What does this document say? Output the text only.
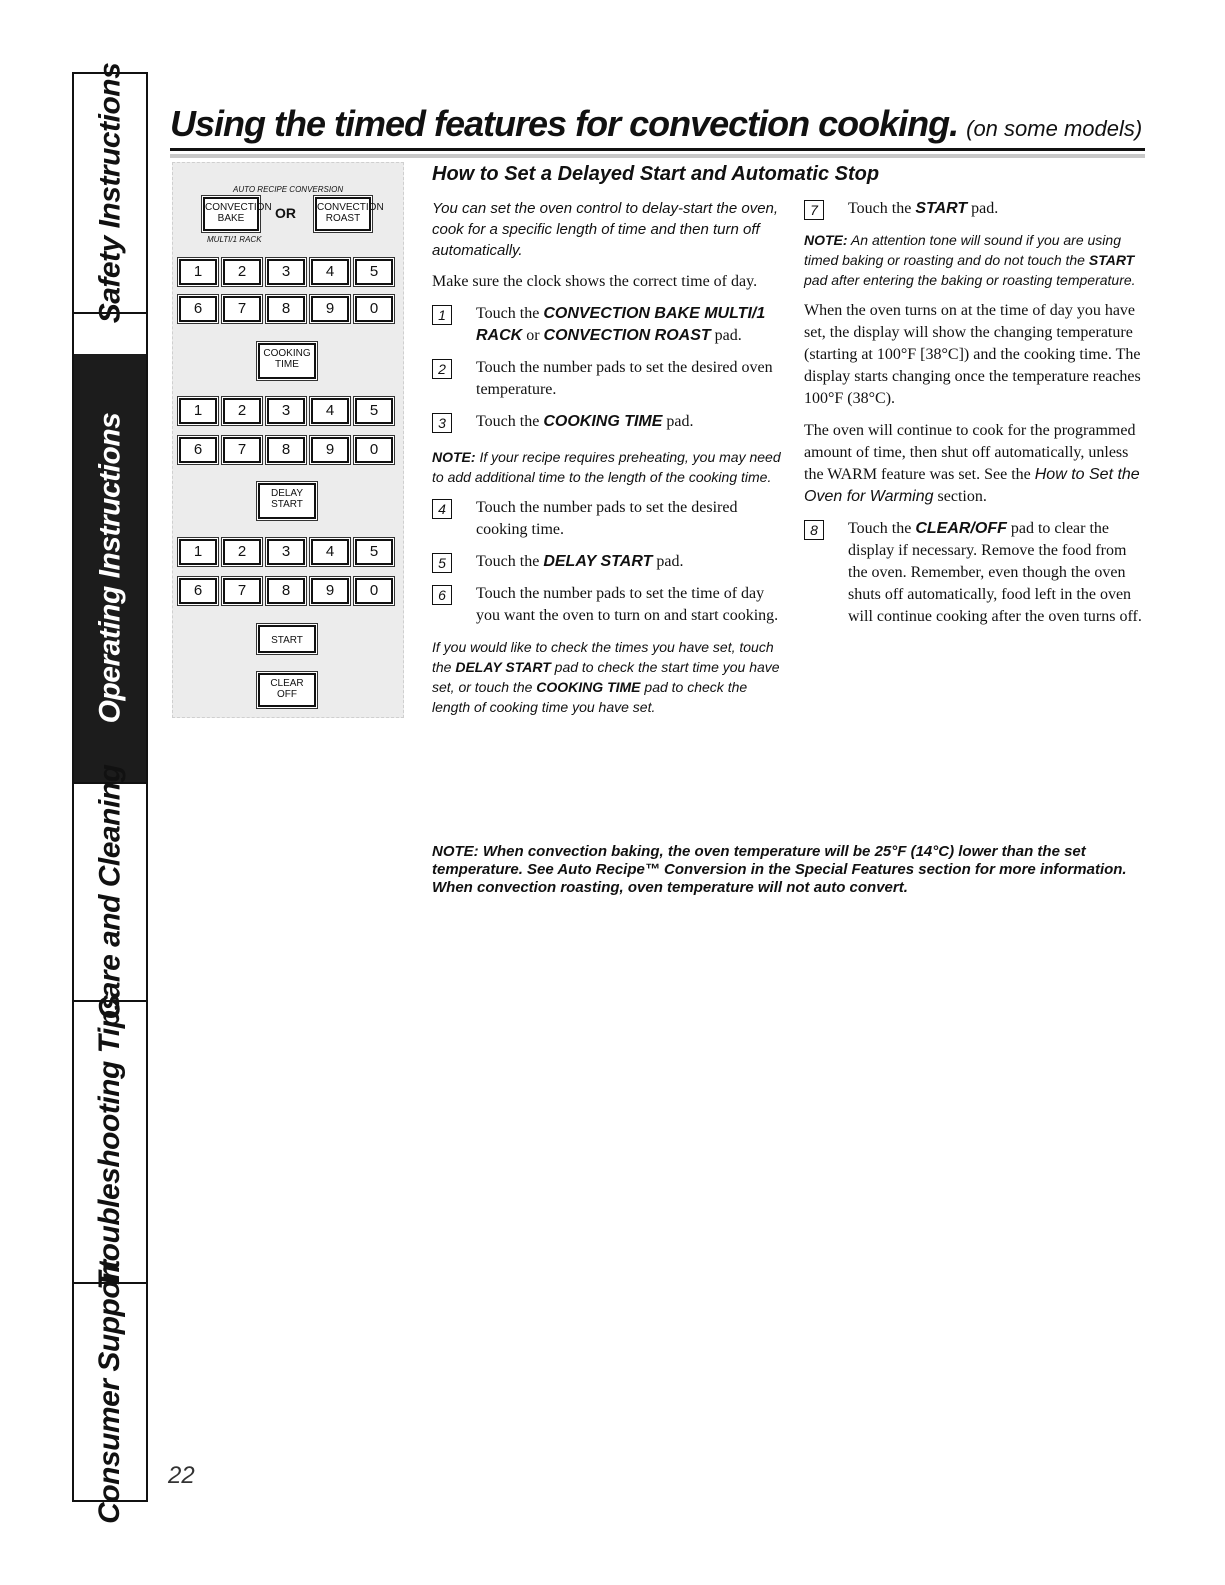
Safety Instructions
Operating Instructions
Care and Cleaning
Troubleshooting Tips
Consumer Support
Using the timed features for convection cooking. (on some models)
AUTO RECIPE CONVERSION
CONVECTION BAKE	OR CONVECTION ROAST
MULTI/1 RACK
1	2	3	4	5
6	7	8	9	0
COOKING TIME
1	2	3	4	5
6	7	8	9	0
DELAY START
1	2	3	4	5
6	7	8	9	0
START
CLEAR OFF
How to Set a Delayed Start and Automatic Stop

You can set the oven control to delay-start the oven, cook for a specific length of time and then turn off automatically.

Make sure the clock shows the correct time of day.

1	Touch the CONVECTION BAKE MULTI/1 RACK or CONVECTION ROAST pad.
2	Touch the number pads to set the desired oven temperature.
3	Touch the COOKING TIME pad.

NOTE: If your recipe requires preheating, you may need to add additional time to the length of the cooking time.

4	Touch the number pads to set the desired cooking time.
5	Touch the DELAY START pad.
6	Touch the number pads to set the time of day you want the oven to turn on and start cooking.

If you would like to check the times you have set, touch the DELAY START pad to check the start time you have set, or touch the COOKING TIME pad to check the length of cooking time you have set.

7	Touch the START pad.

NOTE: An attention tone will sound if you are using timed baking or roasting and do not touch the START pad after entering the baking or roasting temperature.

When the oven turns on at the time of day you have set, the display will show the changing temperature (starting at 100°F [38°C]) and the cooking time. The display starts changing once the temperature reaches 100°F (38°C).

The oven will continue to cook for the programmed amount of time, then shut off automatically, unless the WARM feature was set. See the How to Set the Oven for Warming section.

8	Touch the CLEAR/OFF pad to clear the display if necessary. Remove the food from the oven. Remember, even though the oven shuts off automatically, food left in the oven will continue cooking after the oven turns off.
NOTE: When convection baking, the oven temperature will be 25°F (14°C) lower than the set temperature. See Auto Recipe™ Conversion in the Special Features section for more information. When convection roasting, oven temperature will not auto convert.
22
